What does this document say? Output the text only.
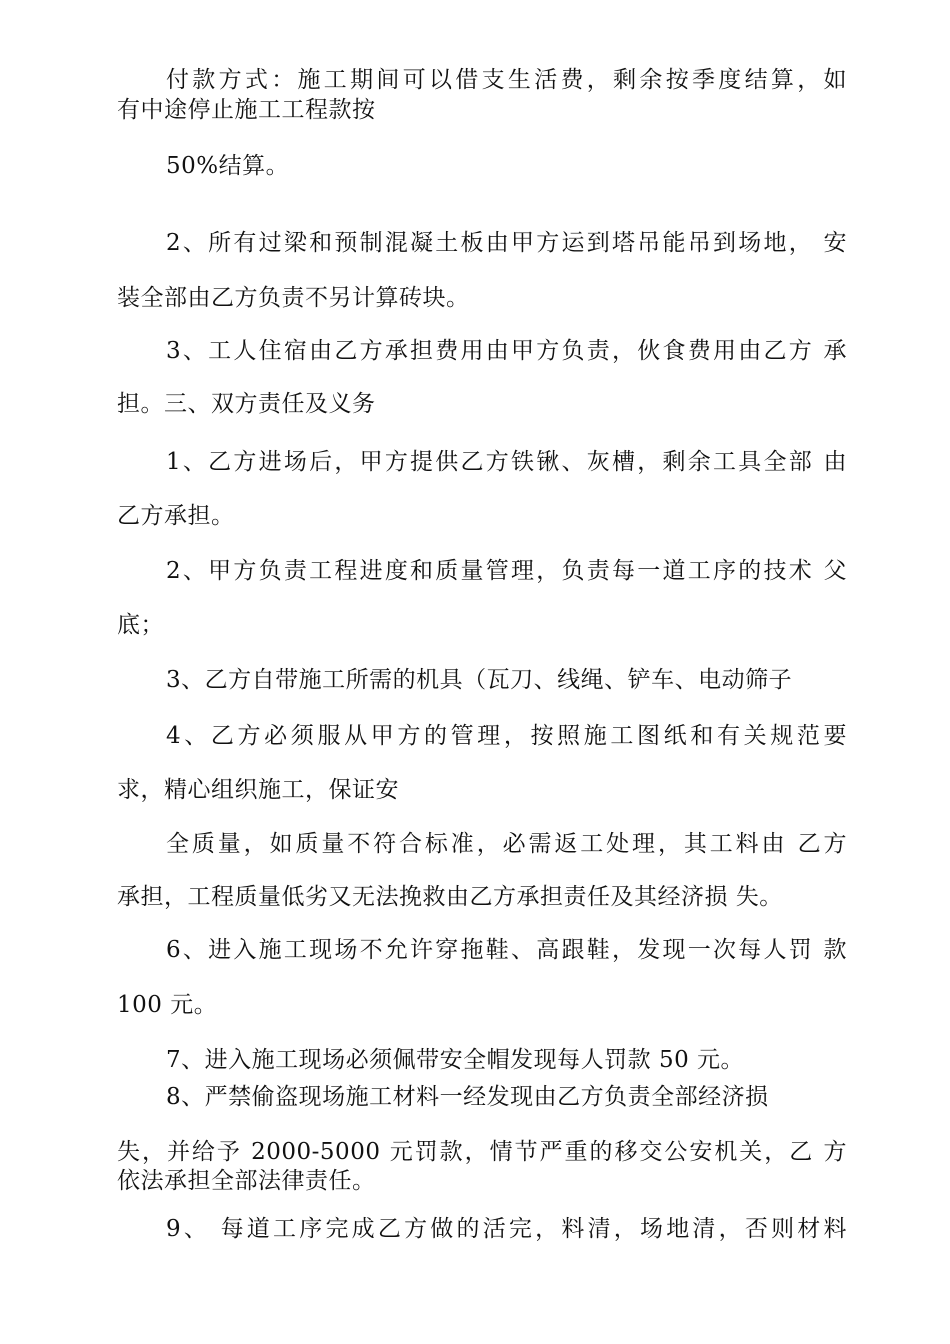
付款方式：施工期间可以借支生活费，剩余按季度结算，如
有中途停止施工工程款按
50%结算。
2、所有过梁和预制混凝土板由甲方运到塔吊能吊到场地， 安
装全部由乙方负责不另计算砖块。
3、工人住宿由乙方承担费用由甲方负责，伙食费用由乙方 承
担。三、双方责任及义务
1、乙方进场后，甲方提供乙方铁锹、灰槽，剩余工具全部 由
乙方承担。
2、甲方负责工程进度和质量管理，负责每一道工序的技术 父
底；
3、乙方自带施工所需的机具（瓦刀、线绳、铲车、电动筛子
4、乙方必须服从甲方的管理，按照施工图纸和有关规范要
求，精心组织施工，保证安
全质量，如质量不符合标准，必需返工处理，其工料由 乙方
承担，工程质量低劣又无法挽救由乙方承担责任及其经济损 失。
6、进入施工现场不允许穿拖鞋、高跟鞋，发现一次每人罚 款
100 元。
7、进入施工现场必须佩带安全帽发现每人罚款 50 元。
8、严禁偷盗现场施工材料一经发现由乙方负责全部经济损
失，并给予 2000-5000 元罚款，情节严重的移交公安机关，乙 方
依法承担全部法律责任。
9、 每道工序完成乙方做的活完，料清，场地清，否则材料
